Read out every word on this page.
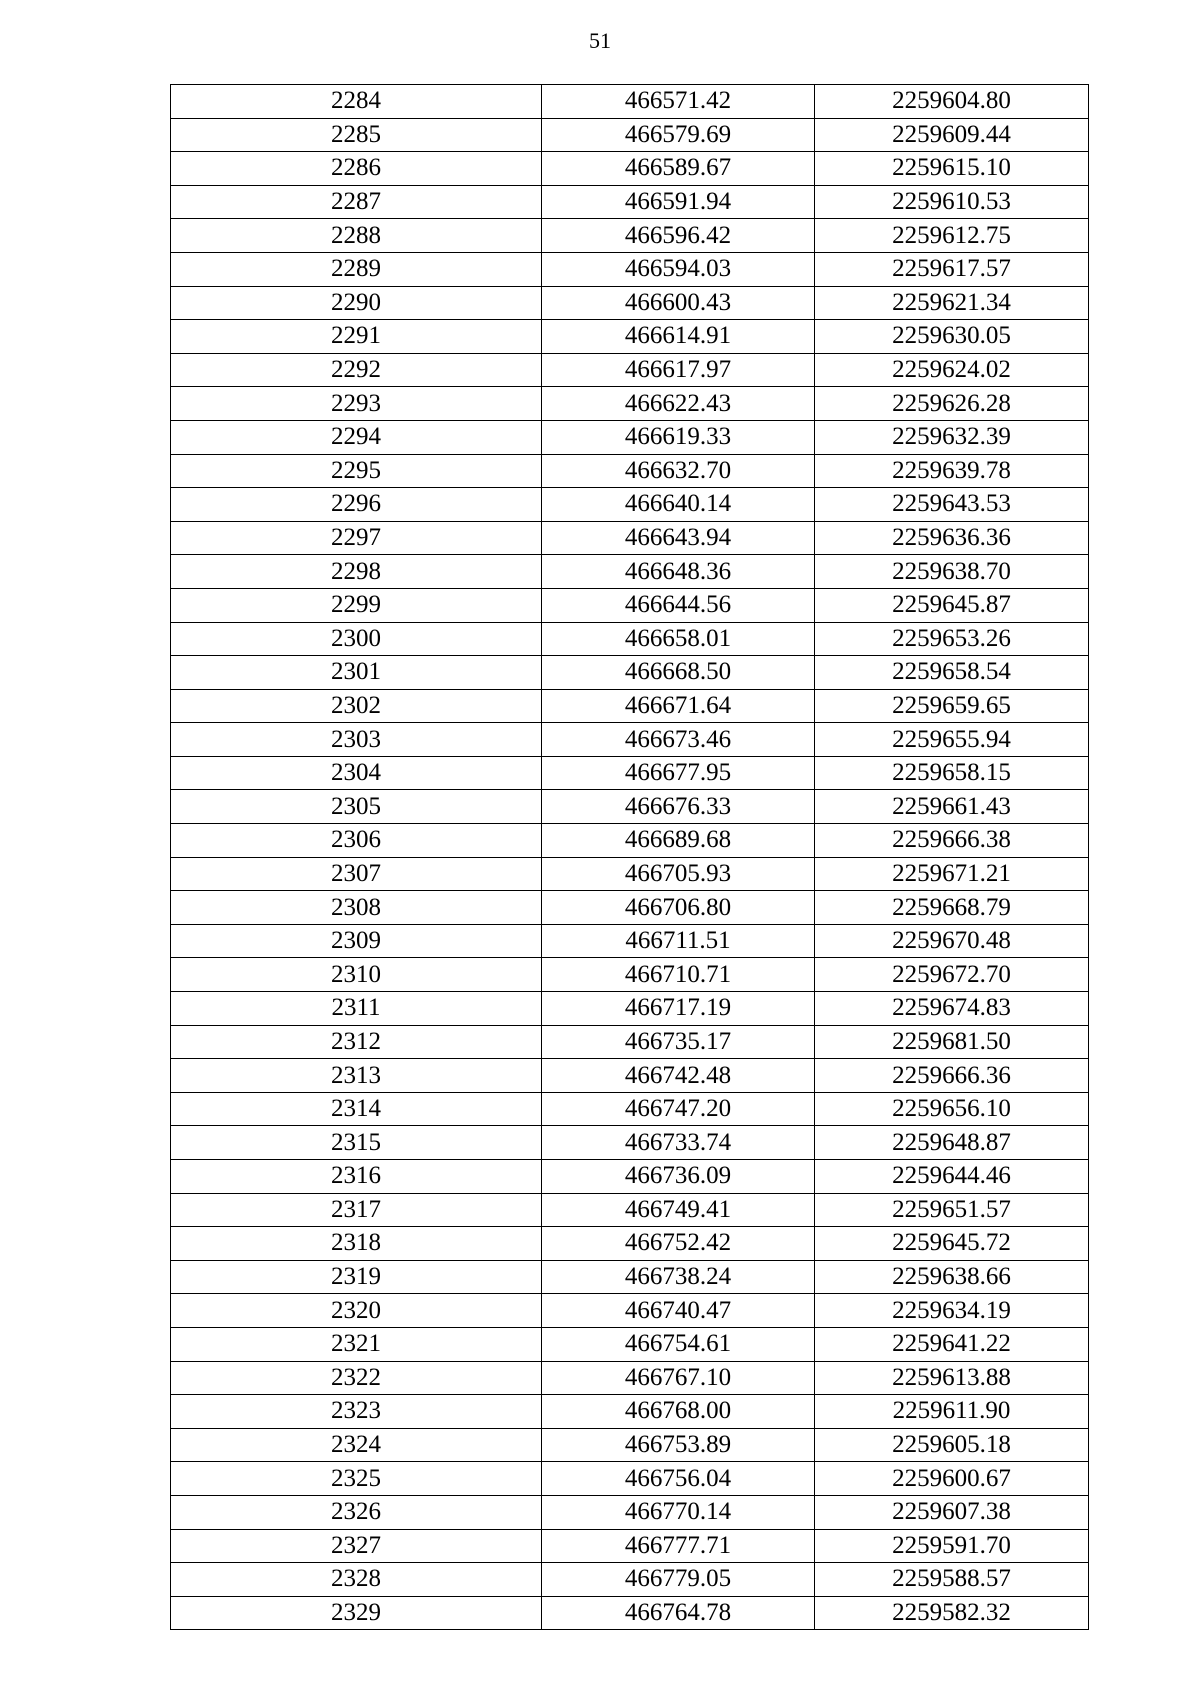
51
2284	466571.42	2259604.80
2285	466579.69	2259609.44
2286	466589.67	2259615.10
2287	466591.94	2259610.53
2288	466596.42	2259612.75
2289	466594.03	2259617.57
2290	466600.43	2259621.34
2291	466614.91	2259630.05
2292	466617.97	2259624.02
2293	466622.43	2259626.28
2294	466619.33	2259632.39
2295	466632.70	2259639.78
2296	466640.14	2259643.53
2297	466643.94	2259636.36
2298	466648.36	2259638.70
2299	466644.56	2259645.87
2300	466658.01	2259653.26
2301	466668.50	2259658.54
2302	466671.64	2259659.65
2303	466673.46	2259655.94
2304	466677.95	2259658.15
2305	466676.33	2259661.43
2306	466689.68	2259666.38
2307	466705.93	2259671.21
2308	466706.80	2259668.79
2309	466711.51	2259670.48
2310	466710.71	2259672.70
2311	466717.19	2259674.83
2312	466735.17	2259681.50
2313	466742.48	2259666.36
2314	466747.20	2259656.10
2315	466733.74	2259648.87
2316	466736.09	2259644.46
2317	466749.41	2259651.57
2318	466752.42	2259645.72
2319	466738.24	2259638.66
2320	466740.47	2259634.19
2321	466754.61	2259641.22
2322	466767.10	2259613.88
2323	466768.00	2259611.90
2324	466753.89	2259605.18
2325	466756.04	2259600.67
2326	466770.14	2259607.38
2327	466777.71	2259591.70
2328	466779.05	2259588.57
2329	466764.78	2259582.32
